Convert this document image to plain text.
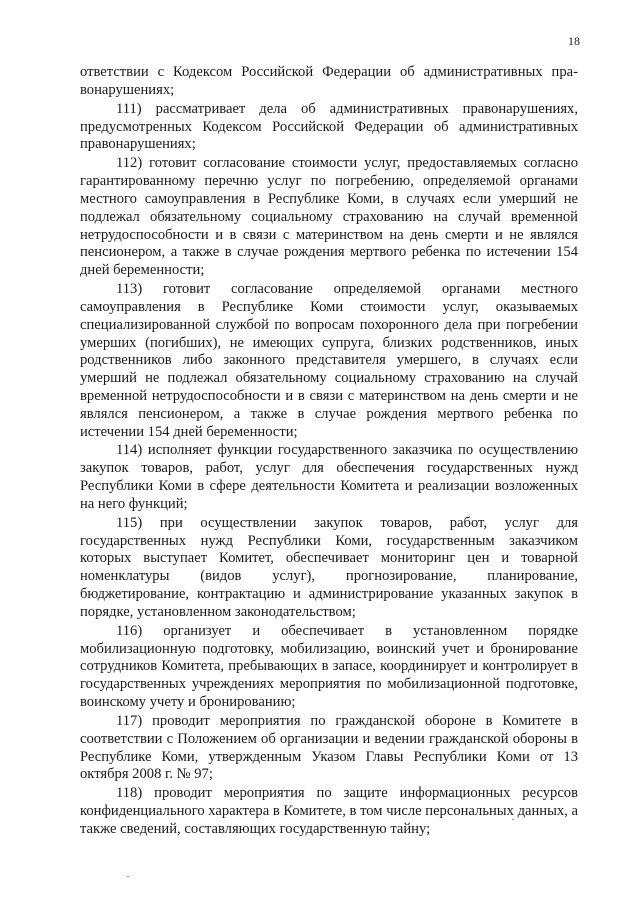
18

ответствии с Кодексом Российской Федерации об административных пра-вонарушениях;

111) рассматривает дела об административных правонарушениях, предусмотренных Кодексом Российской Федерации об административных правонарушениях;

112) готовит согласование стоимости услуг, предоставляемых согласно гарантированному перечню услуг по погребению, определяемой органами местного самоуправления в Республике Коми, в случаях если умерший не подлежал обязательному социальному страхованию на случай временной нетрудоспособности и в связи с материнством на день смерти и не являлся пенсионером, а также в случае рождения мертвого ребенка по истечении 154 дней беременности;

113) готовит согласование определяемой органами местного самоуправления в Республике Коми стоимости услуг, оказываемых специализированной службой по вопросам похоронного дела при погребении умерших (погибших), не имеющих супруга, близких родственников, иных родственников либо законного представителя умершего, в случаях если умерший не подлежал обязательному социальному страхованию на случай временной нетрудоспособности и в связи с материнством на день смерти и не являлся пенсионером, а также в случае рождения мертвого ребенка по истечении 154 дней беременности;

114) исполняет функции государственного заказчика по осуществлению закупок товаров, работ, услуг для обеспечения государственных нужд Республики Коми в сфере деятельности Комитета и реализации возложенных на него функций;

115) при осуществлении закупок товаров, работ, услуг для государственных нужд Республики Коми, государственным заказчиком которых выступает Комитет, обеспечивает мониторинг цен и товарной номенклатуры (видов услуг), прогнозирование, планирование, бюджетирование, контрактацию и администрирование указанных закупок в порядке, установленном законодательством;

116) организует и обеспечивает в установленном порядке мобилизационную подготовку, мобилизацию, воинский учет и бронирование сотрудников Комитета, пребывающих в запасе, координирует и контролирует в государственных учреждениях мероприятия по мобилизационной подготовке, воинскому учету и бронированию;

117) проводит мероприятия по гражданской обороне в Комитете в соответствии с Положением об организации и ведении гражданской обороны в Республике Коми, утвержденным Указом Главы Республики Коми от 13 октября 2008 г. № 97;

118) проводит мероприятия по защите информационных ресурсов конфиденциального характера в Комитете, в том числе персональных данных, а также сведений, составляющих государственную тайну;
